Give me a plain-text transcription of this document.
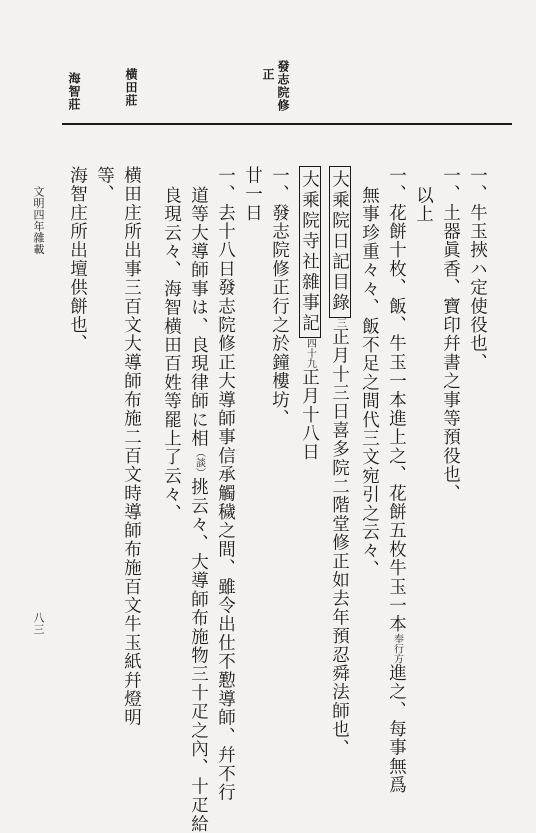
發志院修
正
横田莊
海智莊
文明四年雜載
八三
一、牛玉挾ハ定使役也、
一、土器眞香、寶印幷書之事等預役也、
以上
一、花餅十枚、飯、牛玉一本進上之、花餅五枚牛玉一本奉行方進之、每事無爲
無事珍重々々、飯不足之間代三文宛引之云々、
大乘院日記目錄三正月十三日喜多院二階堂修正如去年預忍舜法師也、
大乘院寺社雜事記四十九正月十八日
一、發志院修正行之於鐘樓坊、
廿一日
一、去十八日發志院修正大導師事信承觸穢之間、雖令出仕不懃導師、幷不行
道等大導師事は、良現律師に相（談）挑云々、大導師布施物三十疋之內、十疋給
良現云々、海智横田百姓等罷上了云々、
横田庄所出事三百文大導師布施二百文時導師布施百文牛玉紙幷燈明
等、
海智庄所出壇供餅也、
